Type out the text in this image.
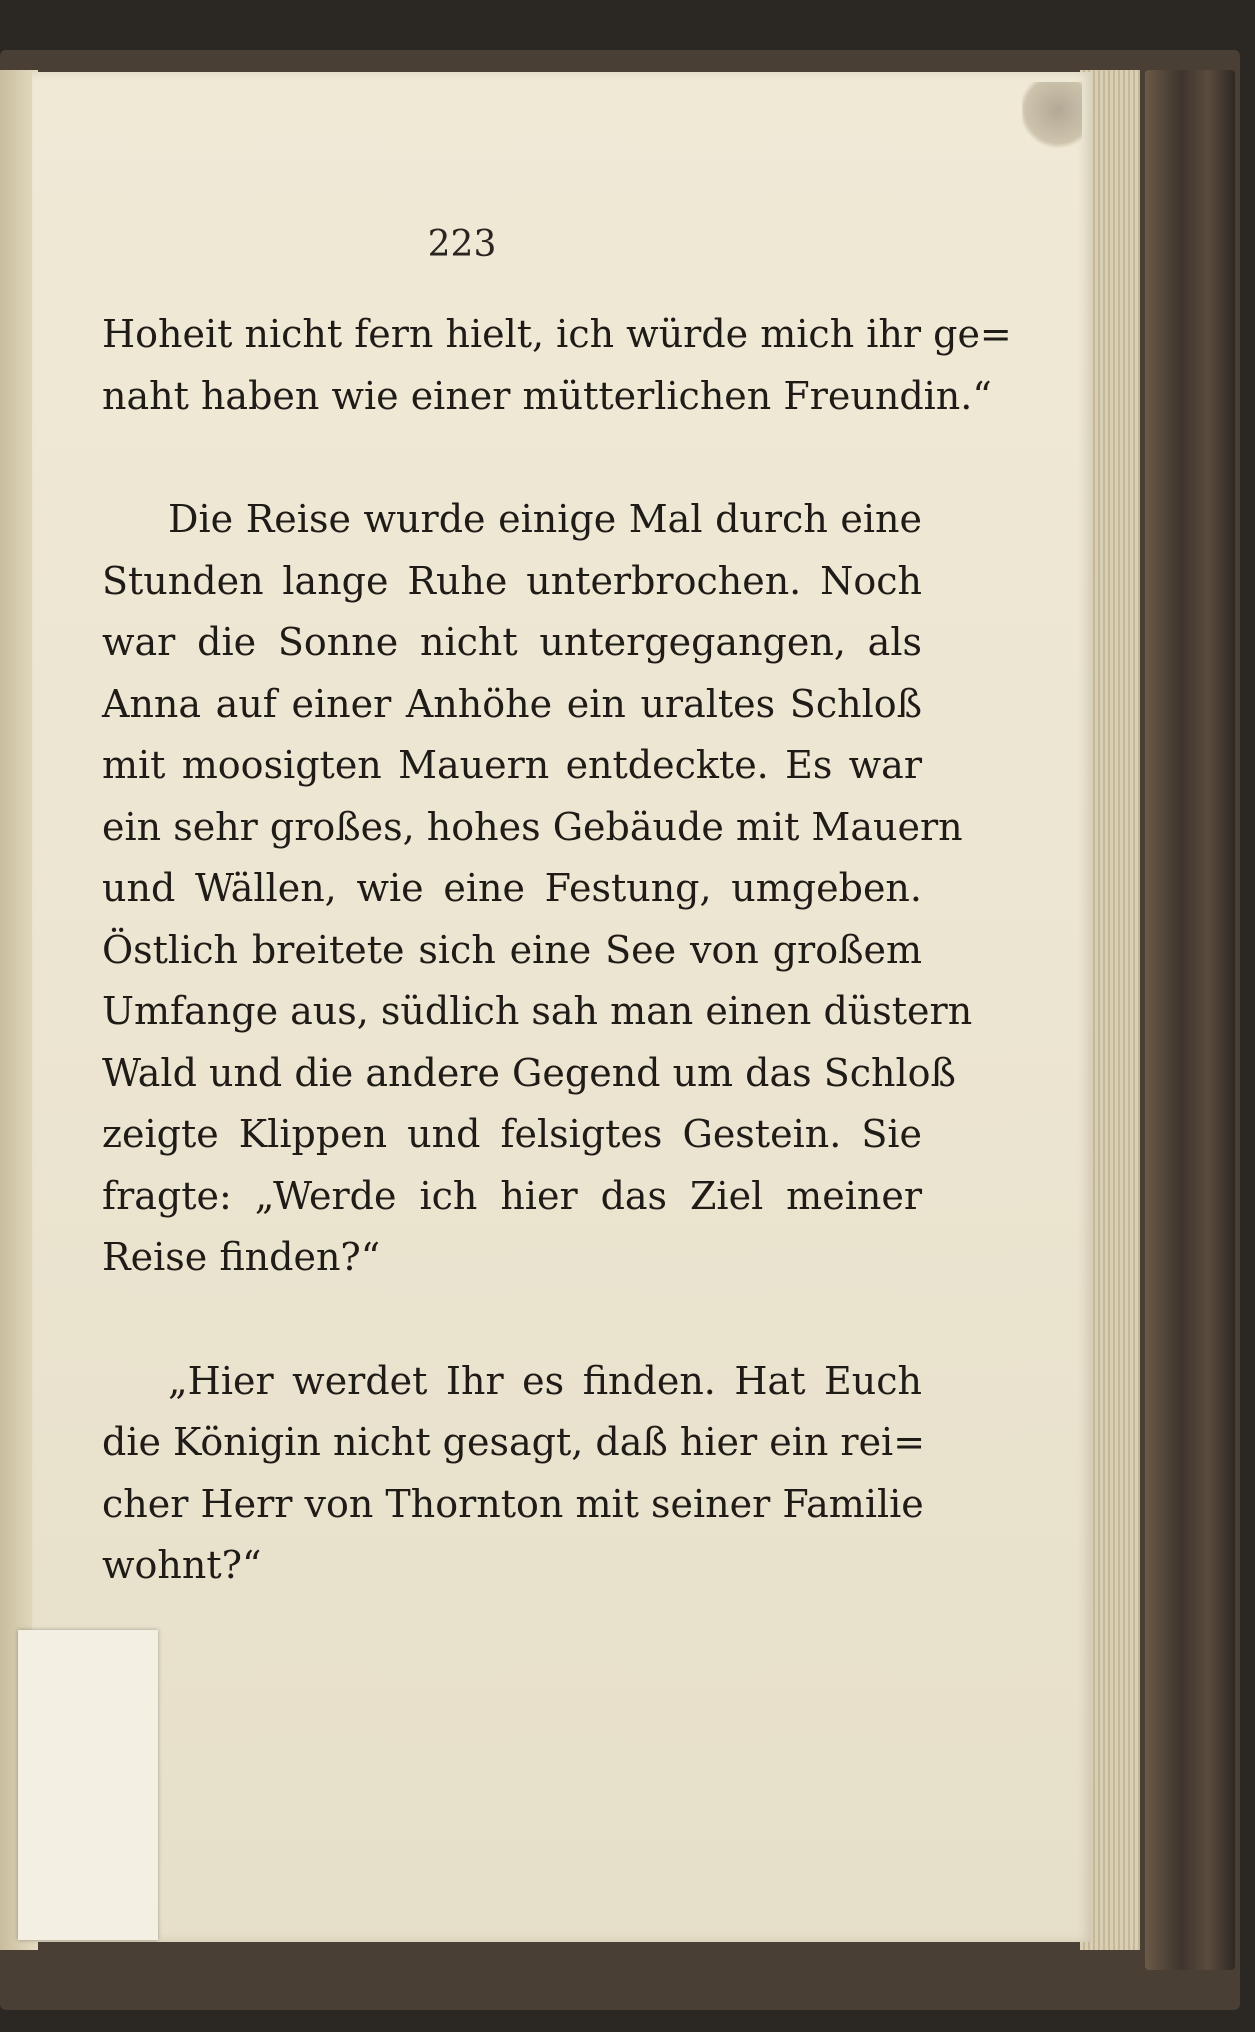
223
Hoheit nicht fern hielt, ich würde mich ihr ge=
naht haben wie einer mütterlichen Freundin.“
Die Reise wurde einige Mal durch eine
Stunden lange Ruhe unterbrochen. Noch
war die Sonne nicht untergegangen, als
Anna auf einer Anhöhe ein uraltes Schloß
mit moosigten Mauern entdeckte. Es war
ein sehr großes, hohes Gebäude mit Mauern
und Wällen, wie eine Festung, umgeben.
Östlich breitete sich eine See von großem
Umfange aus, südlich sah man einen düstern
Wald und die andere Gegend um das Schloß
zeigte Klippen und felsigtes Gestein. Sie
fragte: „Werde ich hier das Ziel meiner
Reise finden?“
„Hier werdet Ihr es finden. Hat Euch
die Königin nicht gesagt, daß hier ein rei=
cher Herr von Thornton mit seiner Familie
wohnt?“
